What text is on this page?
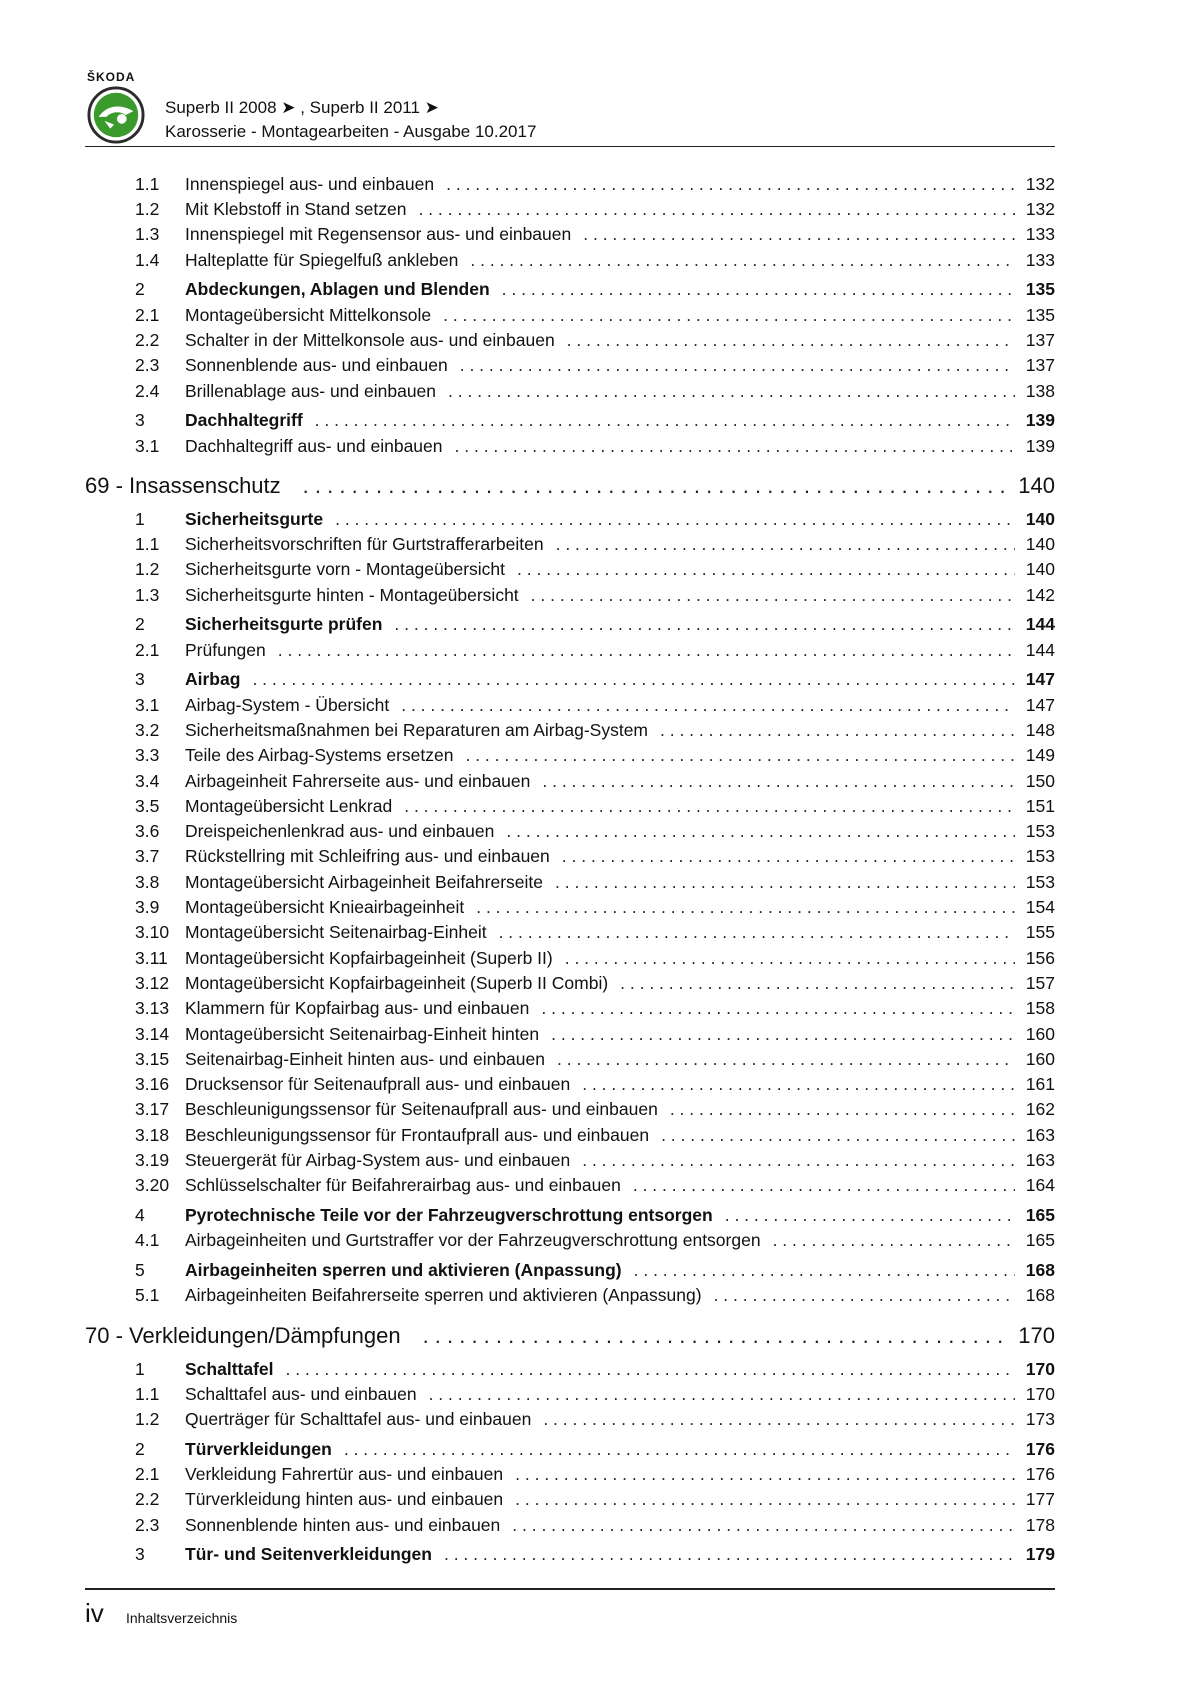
ŠKODA
Superb II 2008 ➤ , Superb II 2011 ➤
Karosserie - Montagearbeiten - Ausgabe 10.2017
1.1	Innenspiegel aus- und einbauen . . .	132
1.2	Mit Klebstoff in Stand setzen . . .	132
1.3	Innenspiegel mit Regensensor aus- und einbauen . . .	133
1.4	Halteplatte für Spiegelfuß ankleben . . .	133
2	Abdeckungen, Ablagen und Blenden . . .	135
2.1	Montageübersicht Mittelkonsole . . .	135
2.2	Schalter in der Mittelkonsole aus- und einbauen . . .	137
2.3	Sonnenblende aus- und einbauen . . .	137
2.4	Brillenablage aus- und einbauen . . .	138
3	Dachhaltegriff . . .	139
3.1	Dachhaltegriff aus- und einbauen . . .	139
69 - Insassenschutz . . .	140
1	Sicherheitsgurte . . .	140
1.1	Sicherheitsvorschriften für Gurtstrafferarbeiten . . .	140
1.2	Sicherheitsgurte vorn - Montageübersicht . . .	140
1.3	Sicherheitsgurte hinten - Montageübersicht . . .	142
2	Sicherheitsgurte prüfen . . .	144
2.1	Prüfungen . . .	144
3	Airbag . . .	147
3.1	Airbag-System - Übersicht . . .	147
3.2	Sicherheitsmaßnahmen bei Reparaturen am Airbag-System . . .	148
3.3	Teile des Airbag-Systems ersetzen . . .	149
3.4	Airbageinheit Fahrerseite aus- und einbauen . . .	150
3.5	Montageübersicht Lenkrad . . .	151
3.6	Dreispeichenlenkrad aus- und einbauen . . .	153
3.7	Rückstellring mit Schleifring aus- und einbauen . . .	153
3.8	Montageübersicht Airbageinheit Beifahrerseite . . .	153
3.9	Montageübersicht Knieairbageinheit . . .	154
3.10 Montageübersicht Seitenairbag-Einheit . . .	155
3.11 Montageübersicht Kopfairbageinheit (Superb II) . . .	156
3.12 Montageübersicht Kopfairbageinheit (Superb II Combi) . . .	157
3.13 Klammern für Kopfairbag aus- und einbauen . . .	158
3.14 Montageübersicht Seitenairbag-Einheit hinten . . .	160
3.15 Seitenairbag-Einheit hinten aus- und einbauen . . .	160
3.16 Drucksensor für Seitenaufprall aus- und einbauen . . .	161
3.17 Beschleunigungssensor für Seitenaufprall aus- und einbauen . . .	162
3.18 Beschleunigungssensor für Frontaufprall aus- und einbauen . . .	163
3.19 Steuergerät für Airbag-System aus- und einbauen . . .	163
3.20 Schlüsselschalter für Beifahrerairbag aus- und einbauen . . .	164
4	Pyrotechnische Teile vor der Fahrzeugverschrottung entsorgen . . .	165
4.1	Airbageinheiten und Gurtstraffer vor der Fahrzeugverschrottung entsorgen . . .	165
5	Airbageinheiten sperren und aktivieren (Anpassung) . . .	168
5.1	Airbageinheiten Beifahrerseite sperren und aktivieren (Anpassung) . . .	168
70 - Verkleidungen/Dämpfungen . . .	170
1	Schalttafel . . .	170
1.1	Schalttafel aus- und einbauen . . .	170
1.2	Querträger für Schalttafel aus- und einbauen . . .	173
2	Türverkleidungen . . .	176
2.1	Verkleidung Fahrertür aus- und einbauen . . .	176
2.2	Türverkleidung hinten aus- und einbauen . . .	177
2.3	Sonnenblende hinten aus- und einbauen . . .	178
3	Tür- und Seitenverkleidungen . . .	179
iv Inhaltsverzeichnis
